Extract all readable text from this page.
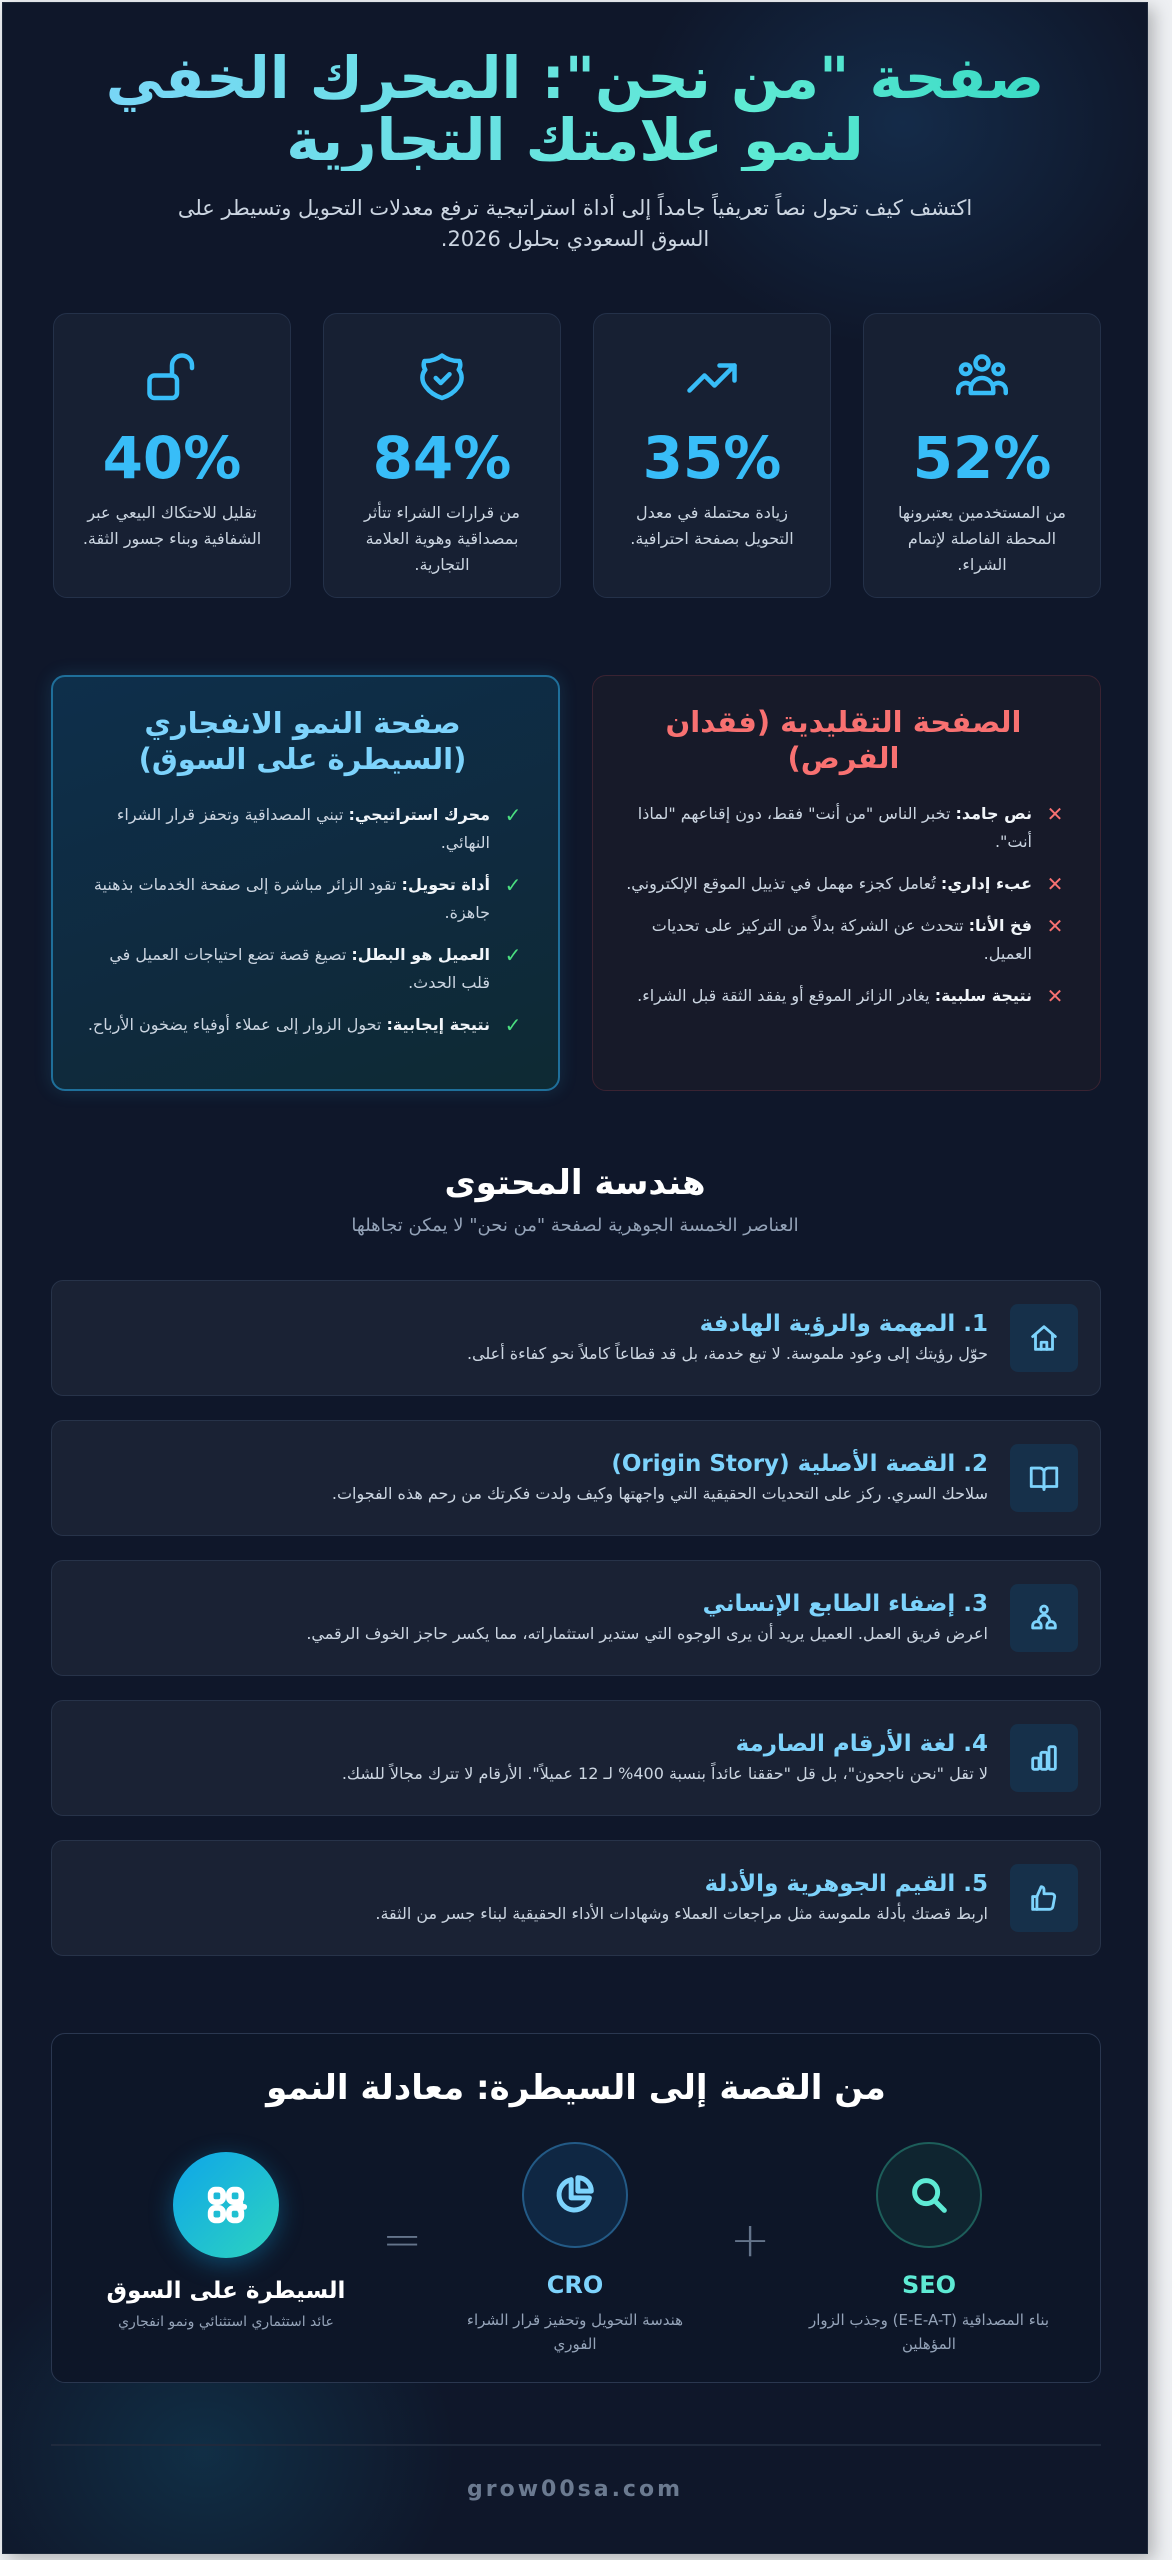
صفحة "من نحن": المحرك الخفي لنمو علامتك التجارية

اكتشف كيف تحول نصاً تعريفياً جامداً إلى أداة استراتيجية ترفع معدلات التحويل وتسيطر على السوق السعودي بحلول 2026.

52%
من المستخدمين يعتبرونها المحطة الفاصلة لإتمام الشراء.
35%
زيادة محتملة في معدل التحويل بصفحة احترافية.
84%
من قرارات الشراء تتأثر بمصداقية وهوية العلامة التجارية.
40%
تقليل للاحتكاك البيعي عبر الشفافية وبناء جسور الثقة.
الصفحة التقليدية (فقدان الفرص)
✕
نص جامد: تخبر الناس "من أنت" فقط، دون إقناعهم "لماذا أنت".
✕
عبء إداري: تُعامل كجزء مهمل في تذييل الموقع الإلكتروني.
✕
فخ الأنا: تتحدث عن الشركة بدلاً من التركيز على تحديات العميل.
✕
نتيجة سلبية: يغادر الزائر الموقع أو يفقد الثقة قبل الشراء.
صفحة النمو الانفجاري (السيطرة على السوق)
✓
محرك استراتيجي: تبني المصداقية وتحفز قرار الشراء النهائي.
✓
أداة تحويل: تقود الزائر مباشرة إلى صفحة الخدمات بذهنية جاهزة.
✓
العميل هو البطل: تصيغ قصة تضع احتياجات العميل في قلب الحدث.
✓
نتيجة إيجابية: تحول الزوار إلى عملاء أوفياء يضخون الأرباح.
هندسة المحتوى

العناصر الخمسة الجوهرية لصفحة "من نحن" لا يمكن تجاهلها

1. المهمة والرؤية الهادفة

حوّل رؤيتك إلى وعود ملموسة. لا تبع خدمة، بل قد قطاعاً كاملاً نحو كفاءة أعلى.

2. القصة الأصلية (Origin Story)

سلاحك السري. ركز على التحديات الحقيقية التي واجهتها وكيف ولدت فكرتك من رحم هذه الفجوات.

3. إضفاء الطابع الإنساني

اعرض فريق العمل. العميل يريد أن يرى الوجوه التي ستدير استثماراته، مما يكسر حاجز الخوف الرقمي.

4. لغة الأرقام الصارمة

لا تقل "نحن ناجحون"، بل قل "حققنا عائداً بنسبة 400% لـ 12 عميلاً". الأرقام لا تترك مجالاً للشك.

5. القيم الجوهرية والأدلة

اربط قصتك بأدلة ملموسة مثل مراجعات العملاء وشهادات الأداء الحقيقية لبناء جسر من الثقة.

من القصة إلى السيطرة: معادلة النمو
SEO
بناء المصداقية (E-E-A-T) وجذب الزوار المؤهلين
+
CRO
هندسة التحويل وتحفيز قرار الشراء الفوري
=
السيطرة على السوق
عائد استثماري استثنائي ونمو انفجاري
grow00sa.com
